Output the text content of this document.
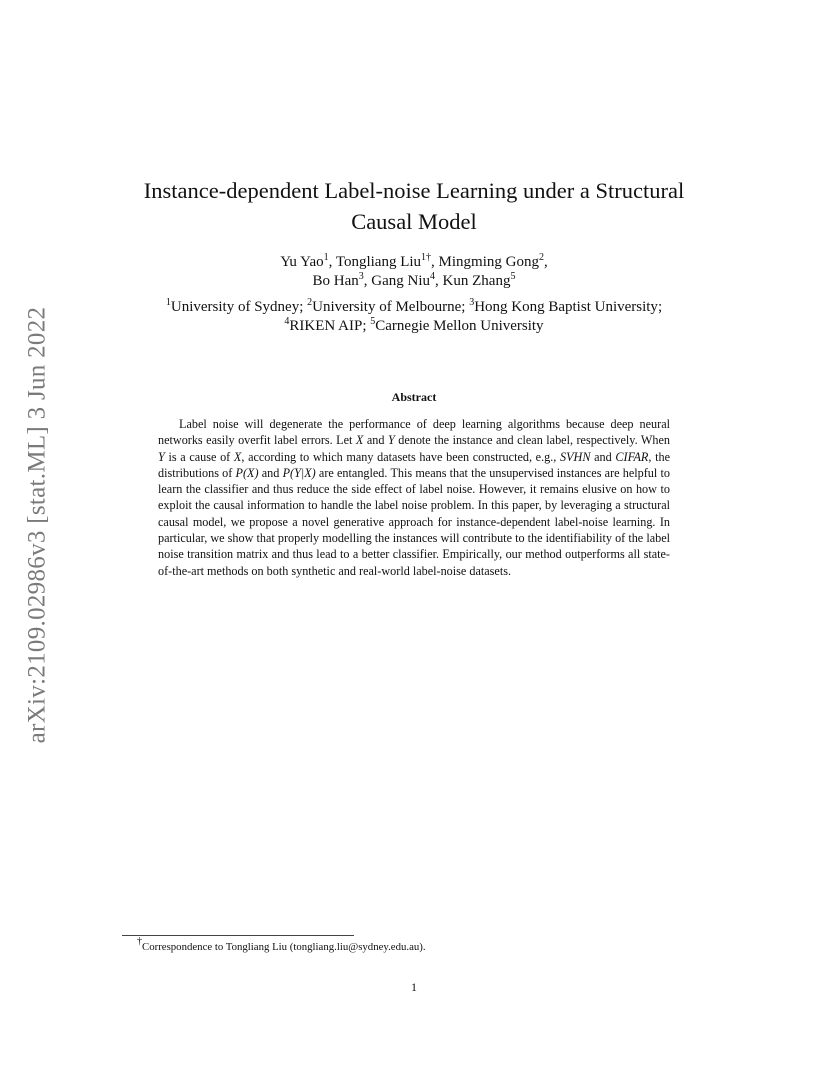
arXiv:2109.02986v3 [stat.ML] 3 Jun 2022
Instance-dependent Label-noise Learning under a Structural
Causal Model
Yu Yao$^1$, Tongliang Liu$^{1\dagger}$, Mingming Gong$^2$,
Bo Han$^3$, Gang Niu$^4$, Kun Zhang$^5$
$^1$University of Sydney; $^2$University of Melbourne; $^3$Hong Kong Baptist University;
$^4$RIKEN AIP; $^5$Carnegie Mellon University
Abstract

Label noise will degenerate the performance of deep learning algorithms because deep neural networks easily overfit label errors. Let X and Y denote the instance and clean label, respectively. When Y is a cause of X, according to which many datasets have been constructed, e.g., SVHN and CIFAR, the distributions of P(X) and P(Y|X) are entangled. This means that the unsupervised instances are helpful to learn the classifier and thus reduce the side effect of label noise. However, it remains elusive on how to exploit the causal information to handle the label noise problem. In this paper, by leveraging a structural causal model, we propose a novel generative approach for instance-dependent label-noise learning. In particular, we show that properly modelling the instances will contribute to the identifiability of the label noise transition matrix and thus lead to a better classifier. Empirically, our method outperforms all state-of-the-art methods on both synthetic and real-world label-noise datasets.

†Correspondence to Tongliang Liu (tongliang.liu@sydney.edu.au).
1
